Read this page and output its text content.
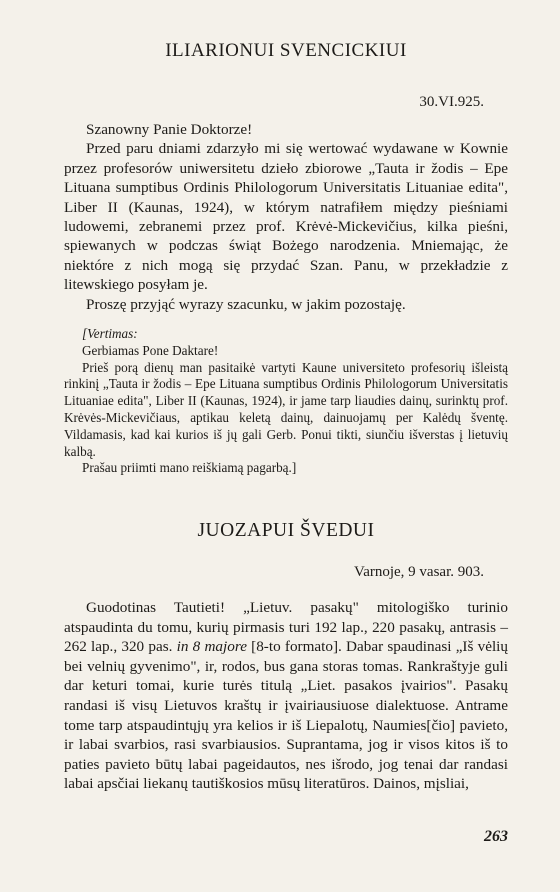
ILIARIONUI SVENCICKIUI
30.VI.925.

Szanowny Panie Doktorze!

Przed paru dniami zdarzyło mi się wertować wydawane w Kownie przez profesorów uniwersitetu dzieło zbiorowe „Tauta ir žodis – Epe Lituana sumptibus Ordinis Philologorum Universitatis Lituaniae edita", Liber II (Kaunas, 1924), w którym natrafiłem między pieśniami ludowemi, zebranemi przez prof. Krėvė-Mickevičius, kilka pieśni, spiewanych w podczas świąt Bożego narodzenia. Mniemając, że niektóre z nich mogą się przydać Szan. Panu, w przekładzie z litewskiego posyłam je.

Proszę przyjąć wyrazy szacunku, w jakim pozostaję.

[Vertimas:

Gerbiamas Pone Daktare!

Prieš porą dienų man pasitaikė vartyti Kaune universiteto profesorių išleistą rinkinį „Tauta ir žodis – Epe Lituana sumptibus Ordinis Philologorum Universitatis Lituaniae edita", Liber II (Kaunas, 1924), ir jame tarp liaudies dainų, surinktų prof. Krėvės-Mickevičiaus, aptikau keletą dainų, dainuojamų per Kalėdų šventę. Vildamasis, kad kai kurios iš jų gali Gerb. Ponui tikti, siunčiu išverstas į lietuvių kalbą.

Prašau priimti mano reiškiamą pagarbą.]

JUOZAPUI ŠVEDUI
Varnoje, 9 vasar. 903.

Guodotinas Tautieti! „Lietuv. pasakų" mitologiško turinio atspaudinta du tomu, kurių pirmasis turi 192 lap., 220 pasakų, antrasis – 262 lap., 320 pas. in 8 majore [8-to formato]. Dabar spaudinasi „Iš vėlių bei velnių gyvenimo", ir, rodos, bus gana storas tomas. Rankraštyje guli dar keturi tomai, kurie turės titulą „Liet. pasakos įvairios". Pasakų randasi iš visų Lietuvos kraštų ir įvairiausiuose dialektuose. Antrame tome tarp atspaudintųjų yra kelios ir iš Liepalotų, Naumies[čio] pavieto, ir labai svarbios, rasi svarbiausios. Suprantama, jog ir visos kitos iš to paties pavieto būtų labai pageidautos, nes išrodo, jog tenai dar randasi labai apsčiai liekanų tautiškosios mūsų literatūros. Dainos, mįsliai,

263
